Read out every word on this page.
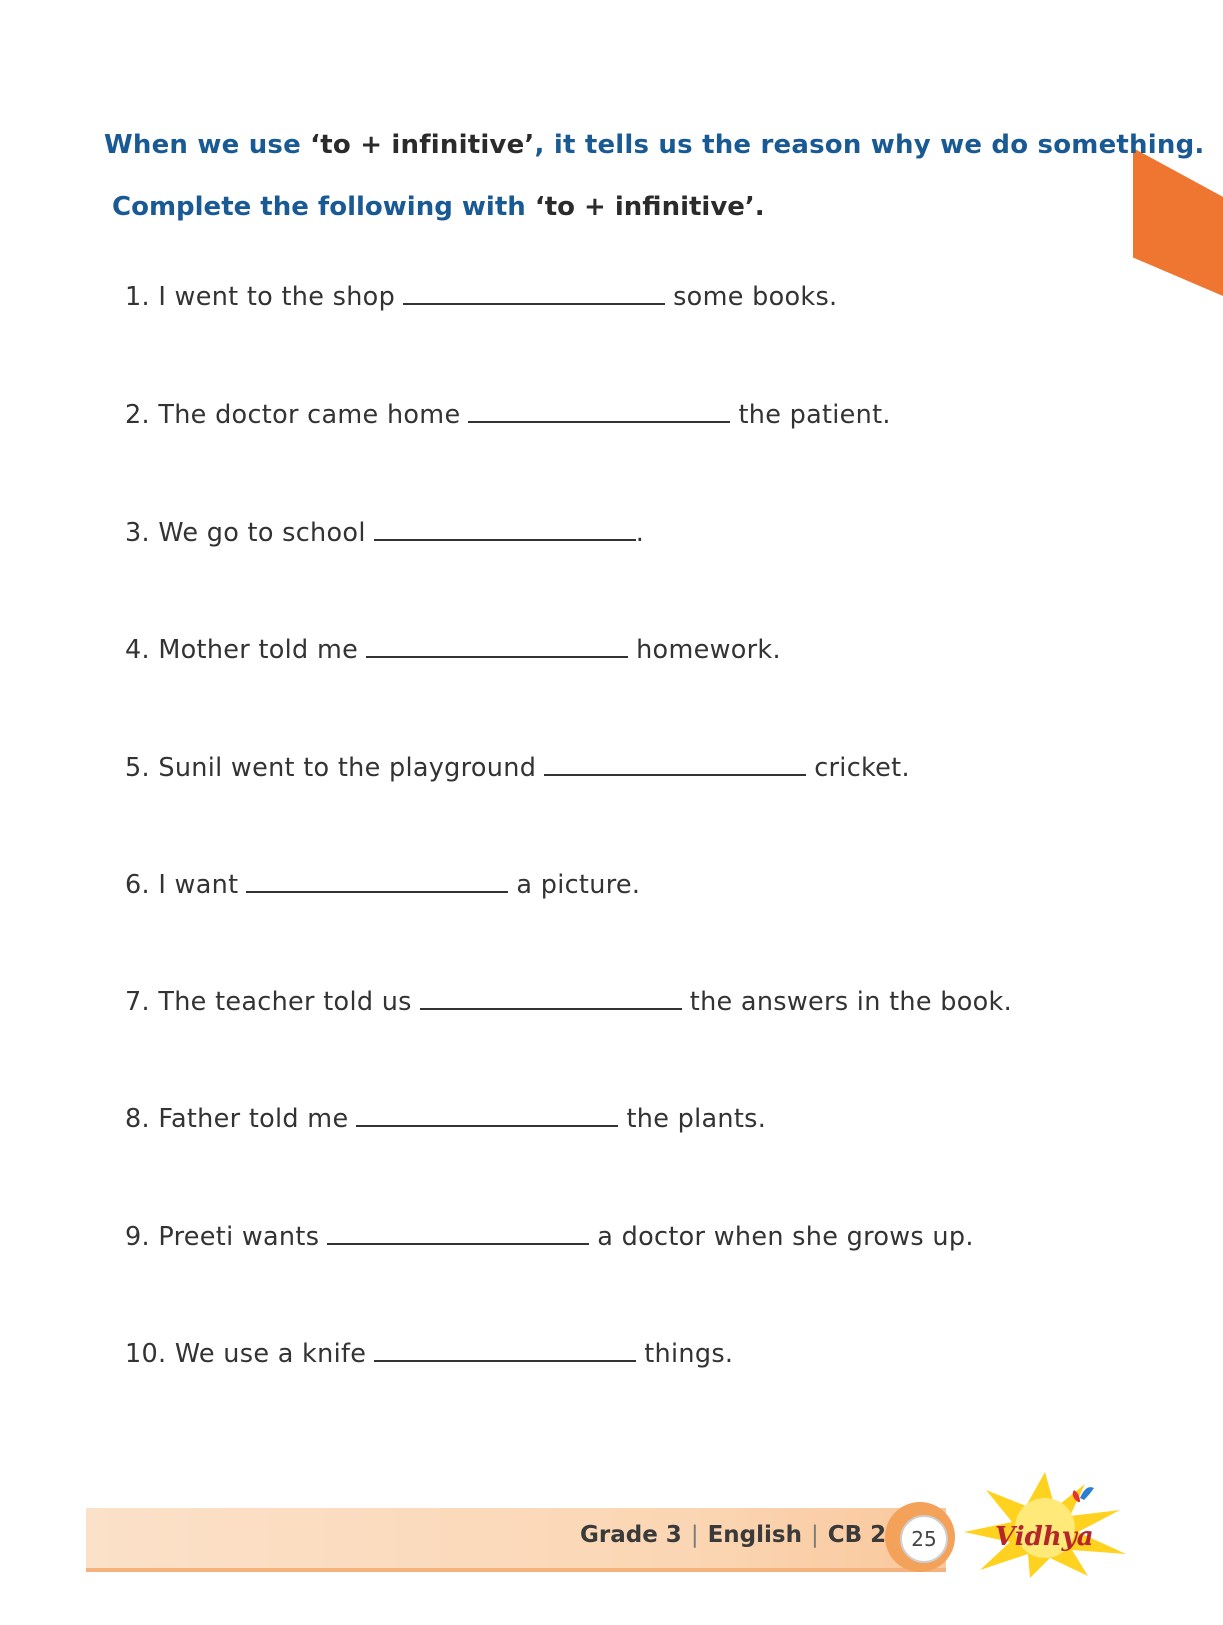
When we use ‘to + infinitive’, it tells us the reason why we do something.
Complete the following with ‘to + infinitive’.
1. I went to the shop	some books.
2. The doctor came home	the patient.
3. We go to school	.
4. Mother told me	homework.
5. Sunil went to the playground	cricket.
6. I want	a picture.
7. The teacher told us	the answers in the book.
8. Father told me	the plants.
9. Preeti wants	a doctor when she grows up.
10. We use a knife	things.
Grade 3 | English | CB 2	25	Vidhya
